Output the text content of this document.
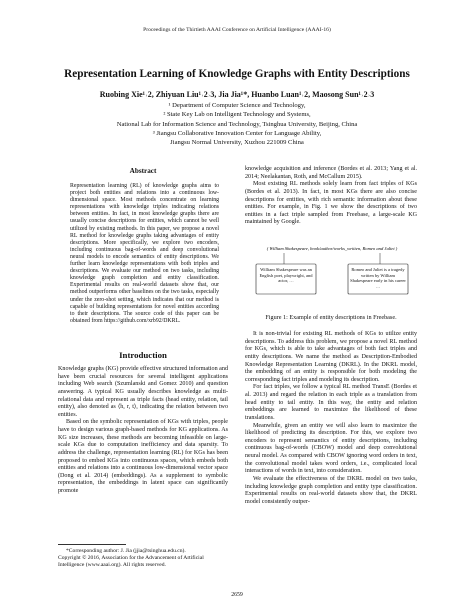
Proceedings of the Thirtieth AAAI Conference on Artificial Intelligence (AAAI-16)
Representation Learning of Knowledge Graphs with Entity Descriptions
Ruobing Xie¹˒2, Zhiyuan Liu¹˒2˒3, Jia Jia¹*, Huanbo Luan¹˒2, Maosong Sun¹˒2˒3
¹ Department of Computer Science and Technology,
² State Key Lab on Intelligent Technology and Systems,
National Lab for Information Science and Technology, Tsinghua University, Beijing, China
³ Jiangsu Collaborative Innovation Center for Language Ability,
Jiangsu Normal University, Xuzhou 221009 China
Abstract
Representation learning (RL) of knowledge graphs aims to project both entities and relations into a continuous low-dimensional space. Most methods concentrate on learning representations with knowledge triples indicating relations between entities. In fact, in most knowledge graphs there are usually concise descriptions for entities, which cannot be well utilized by existing methods. In this paper, we propose a novel RL method for knowledge graphs taking advantages of entity descriptions. More specifically, we explore two encoders, including continuous bag-of-words and deep convolutional neural models to encode semantics of entity descriptions. We further learn knowledge representations with both triples and descriptions. We evaluate our method on two tasks, including knowledge graph completion and entity classification. Experimental results on real-world datasets show that, our method outperforms other baselines on the two tasks, especially under the zero-shot setting, which indicates that our method is capable of building representations for novel entities according to their descriptions. The source code of this paper can be obtained from https://github.com/xrb92/DKRL.
Introduction

Knowledge graphs (KG) provide effective structured information and have been crucial resources for several intelligent applications including Web search (Szumlanski and Gomez 2010) and question answering. A typical KG usually describes knowledge as multi-relational data and represent as triple facts (head entity, relation, tail entity), also denoted as ⟨h, r, t⟩, indicating the relation between two entities.

Based on the symbolic representation of KGs with triples, people have to design various graph-based methods for KG applications. As KG size increases, these methods are becoming infeasible on large-scale KGs due to computation inefficiency and data sparsity. To address the challenge, representation learning (RL) for KGs has been proposed to embed KGs into continuous spaces, which embeds both entities and relations into a continuous low-dimensional vector space (Dong et al. 2014) (embeddings). As a supplement to symbolic representation, the embeddings in latent space can significantly promote

*Corresponding author: J. Jia (jjia@tsinghua.edu.cn).
Copyright © 2016, Association for the Advancement of Artificial Intelligence (www.aaai.org). All rights reserved.

knowledge acquisition and inference (Bordes et al. 2013; Yang et al. 2014; Neelakantan, Roth, and McCallum 2015).

Most existing RL methods solely learn from fact triples of KGs (Bordes et al. 2013). In fact, in most KGs there are also concise descriptions for entities, with rich semantic information about these entities. For example, in Fig. 1 we show the descriptions of two entities in a fact triple sampled from Freebase, a large-scale KG maintained by Google.

( William Shakespeare, book/author/works_written, Romeo and Juliet )
William Shakespeare was an English poet, playwright, and actor, …
Romeo and Juliet is a tragedy written by William Shakespeare early in his career …
Figure 1: Example of entity descriptions in Freebase.

It is non-trivial for existing RL methods of KGs to utilize entity descriptions. To address this problem, we propose a novel RL method for KGs, which is able to take advantages of both fact triples and entity descriptions. We name the method as Description-Embodied Knowledge Representation Learning (DKRL). In the DKRL model, the embedding of an entity is responsible for both modeling the corresponding fact triples and modeling its description.

For fact triples, we follow a typical RL method TransE (Bordes et al. 2013) and regard the relation in each triple as a translation from head entity to tail entity. In this way, the entity and relation embeddings are learned to maximize the likelihood of these translations.

Meanwhile, given an entity we will also learn to maximize the likelihood of predicting its description. For this, we explore two encoders to represent semantics of entity descriptions, including continuous bag-of-words (CBOW) model and deep convolutional neural model. As compared with CBOW ignoring word orders in text, the convolutional model takes word orders, i.e., complicated local interactions of words in text, into consideration.

We evaluate the effectiveness of the DKRL model on two tasks, including knowledge graph completion and entity type classification. Experimental results on real-world datasets show that, the DKRL model consistently outper-

2659
